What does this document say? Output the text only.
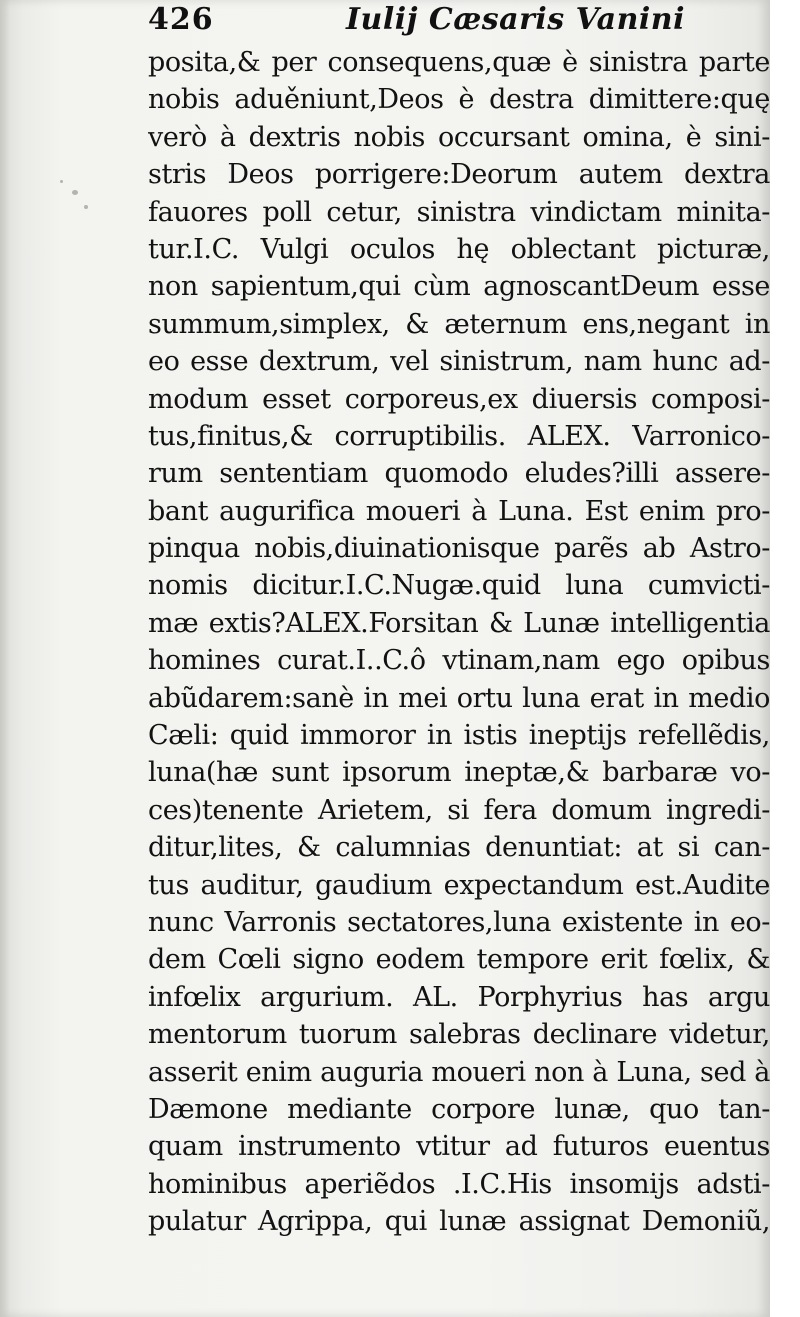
426	Iulij Cæsaris Vanini
posita,& per consequens,quæ è sinistra parte
nobis aduěniunt,Deos è destra dimittere:quę
verò à dextris nobis occursant omina, è sini-
stris Deos porrigere:Deorum autem dextra
fauores poll cetur, sinistra vindictam minita-
tur.I.C. Vulgi oculos hę oblectant picturæ,
non sapientum,qui cùm agnoscantDeum esse
summum,simplex, & æternum ens,negant in
eo esse dextrum, vel sinistrum, nam hunc ad-
modum esset corporeus,ex diuersis composi-
tus,finitus,& corruptibilis. ALEX. Varronico-
rum sententiam quomodo eludes?illi assere-
bant augurifica moueri à Luna. Est enim pro-
pinqua nobis,diuinationisque parẽs ab Astro-
nomis dicitur.I.C.Nugæ.quid luna cumvicti-
mæ extis?ALEX.Forsitan & Lunæ intelligentia
homines curat.I..C.ô vtinam,nam ego opibus
abũdarem:sanè in mei ortu luna erat in medio
Cæli: quid immoror in istis ineptijs refellẽdis,
luna(hæ sunt ipsorum ineptæ,& barbaræ vo-
ces)tenente Arietem, si fera domum ingredi-
ditur,lites, & calumnias denuntiat: at si can-
tus auditur, gaudium expectandum est.Audite
nunc Varronis sectatores,luna existente in eo-
dem Cœli signo eodem tempore erit fœlix, &
infœlix argurium. AL. Porphyrius has argu
mentorum tuorum salebras declinare videtur,
asserit enim auguria moueri non à Luna, sed à
Dæmone mediante corpore lunæ, quo tan-
quam instrumento vtitur ad futuros euentus
hominibus aperiẽdos .I.C.His insomijs adsti-
pulatur Agrippa, qui lunæ assignat Demoniũ,
